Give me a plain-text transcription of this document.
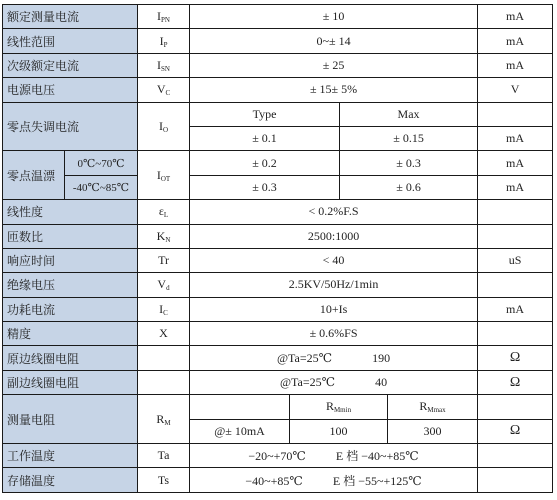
额定测量电流		$I_{PN}$	± 10				mA
线性范围		$I_P$	0~± 14				mA
次级额定电流		$I_{SN}$	± 25				mA
电源电压		$V_C$	± 15± 5%				V
零点失调电流		$I_O$	Type		Max		
			± 0.1		± 0.15		mA
零点温漂	0℃~70℃	$I_{OT}$	± 0.2		± 0.3		mA
	-40℃~85℃		± 0.3		± 0.6		mA
线性度		$\varepsilon_L$	< 0.2%F.S				
匝数比		$K_N$	2500:1000				
响应时间		Tr	< 40				uS
绝缘电压		$V_d$	2.5KV/50Hz/1min				
功耗电流		$I_C$	10+Is				mA
精度		X	± 0.6%FS				
原边线圈电阻			@Ta=25℃ 190				Ω
副边线圈电阻			@Ta=25℃ 40				Ω
测量电阻		$R_M$		$R_{Mmin}$		$R_{Mmax}$	
			@± 10mA	100		300	Ω
工作温度		Ta	−20~+70℃ E 档 −40~+85℃				
存储温度		Ts	−40~+85℃ E 档 −55~+125℃				
